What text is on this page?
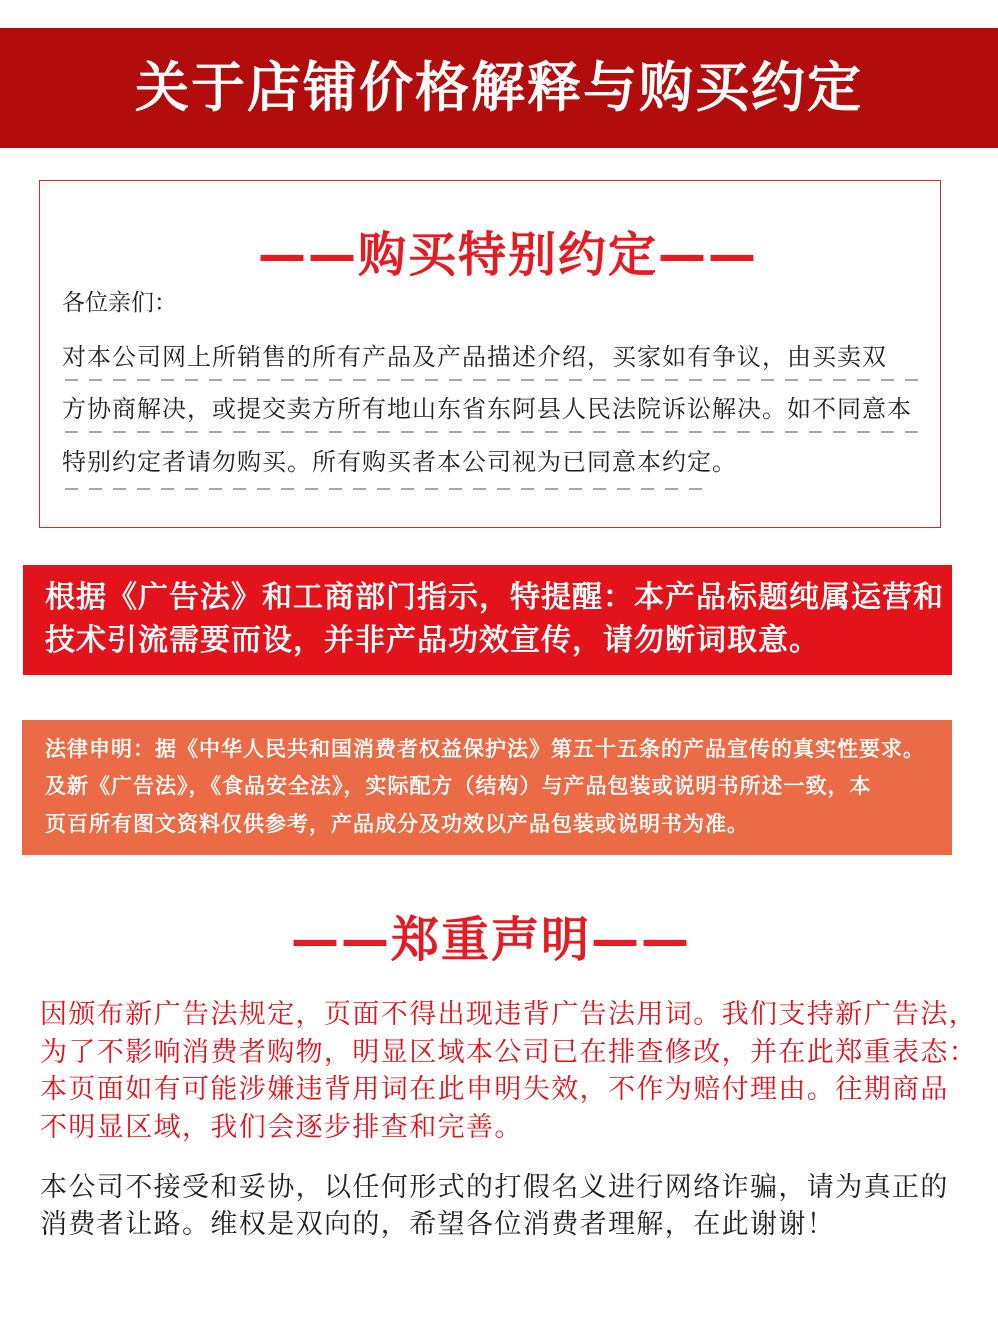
关于店铺价格解释与购买约定
——购买特别约定——
各位亲们：
对本公司网上所销售的所有产品及产品描述介绍，买家如有争议，由买卖双
方协商解决，或提交卖方所有地山东省东阿县人民法院诉讼解决。如不同意本
特别约定者请勿购买。所有购买者本公司视为已同意本约定。
根据《广告法》和工商部门指示，特提醒：本产品标题纯属运营和
技术引流需要而设，并非产品功效宣传，请勿断词取意。
法律申明：据《中华人民共和国消费者权益保护法》第五十五条的产品宣传的真实性要求。
及新《广告法》，《食品安全法》，实际配方（结构）与产品包装或说明书所述一致，本
页百所有图文资料仅供参考，产品成分及功效以产品包装或说明书为准。
——郑重声明——
因颁布新广告法规定，页面不得出现违背广告法用词。我们支持新广告法，
为了不影响消费者购物，明显区域本公司已在排查修改，并在此郑重表态：
本页面如有可能涉嫌违背用词在此申明失效，不作为赔付理由。往期商品
不明显区域，我们会逐步排查和完善。
本公司不接受和妥协，以任何形式的打假名义进行网络诈骗，请为真正的
消费者让路。维权是双向的，希望各位消费者理解，在此谢谢！
